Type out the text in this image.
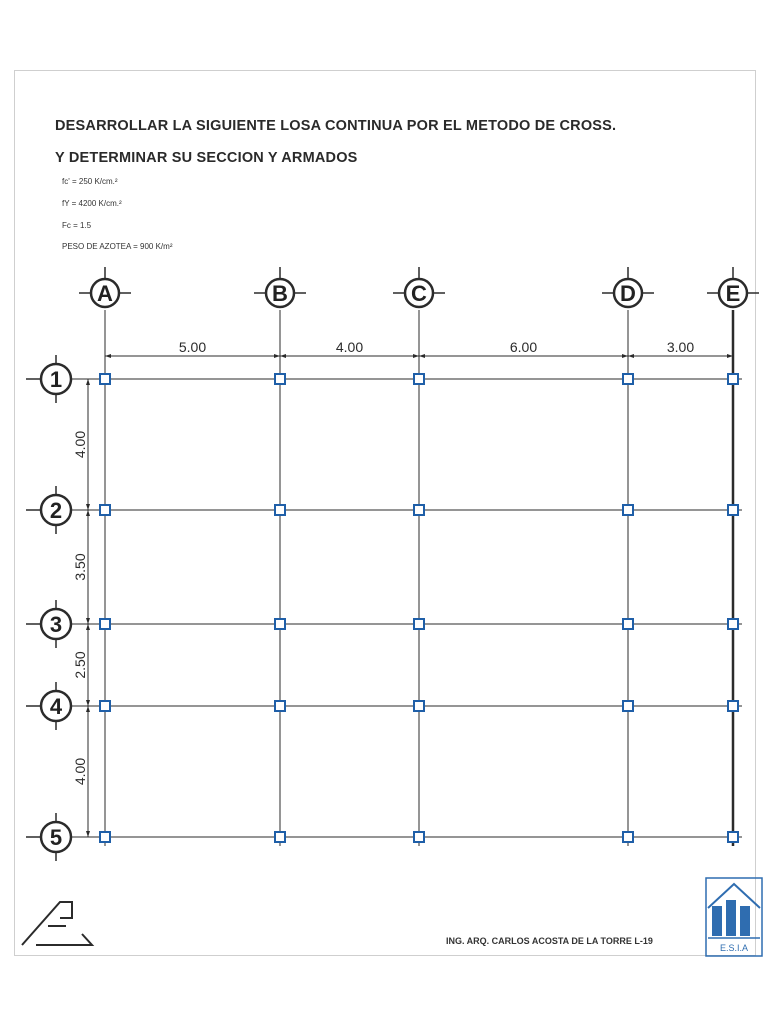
DESARROLLAR LA SIGUIENTE LOSA CONTINUA POR EL METODO DE CROSS.
Y DETERMINAR SU SECCION Y ARMADOS
fc' = 250 K/cm.²
fY = 4200 K/cm.²
Fc = 1.5
PESO DE AZOTEA = 900 K/m²
5.00	4.00	6.00	3.00
4.00
3.50
2.50
4.00
A	B	C	D	E
1
2
3
4
5
E.S.I.A
ING. ARQ. CARLOS ACOSTA DE LA TORRE L-19
